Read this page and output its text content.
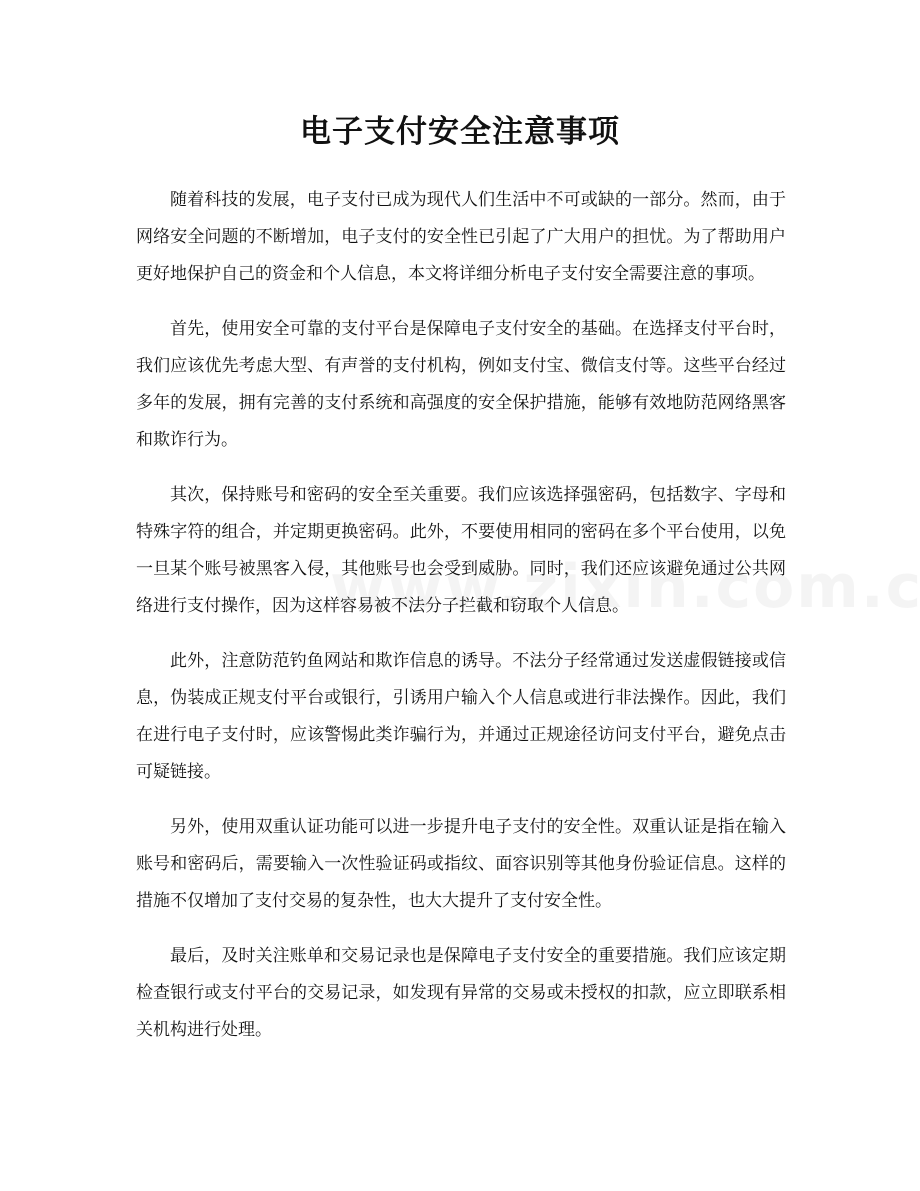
电子支付安全注意事项

随着科技的发展，电子支付已成为现代人们生活中不可或缺的一部分。然而，由于网络安全问题的不断增加，电子支付的安全性已引起了广大用户的担忧。为了帮助用户更好地保护自己的资金和个人信息，本文将详细分析电子支付安全需要注意的事项。

首先，使用安全可靠的支付平台是保障电子支付安全的基础。在选择支付平台时，我们应该优先考虑大型、有声誉的支付机构，例如支付宝、微信支付等。这些平台经过多年的发展，拥有完善的支付系统和高强度的安全保护措施，能够有效地防范网络黑客和欺诈行为。

其次，保持账号和密码的安全至关重要。我们应该选择强密码，包括数字、字母和特殊字符的组合，并定期更换密码。此外，不要使用相同的密码在多个平台使用，以免一旦某个账号被黑客入侵，其他账号也会受到威胁。同时，我们还应该避免通过公共网络进行支付操作，因为这样容易被不法分子拦截和窃取个人信息。

此外，注意防范钓鱼网站和欺诈信息的诱导。不法分子经常通过发送虚假链接或信息，伪装成正规支付平台或银行，引诱用户输入个人信息或进行非法操作。因此，我们在进行电子支付时，应该警惕此类诈骗行为，并通过正规途径访问支付平台，避免点击可疑链接。

另外，使用双重认证功能可以进一步提升电子支付的安全性。双重认证是指在输入账号和密码后，需要输入一次性验证码或指纹、面容识别等其他身份验证信息。这样的措施不仅增加了支付交易的复杂性，也大大提升了支付安全性。

最后，及时关注账单和交易记录也是保障电子支付安全的重要措施。我们应该定期检查银行或支付平台的交易记录，如发现有异常的交易或未授权的扣款，应立即联系相关机构进行处理。
